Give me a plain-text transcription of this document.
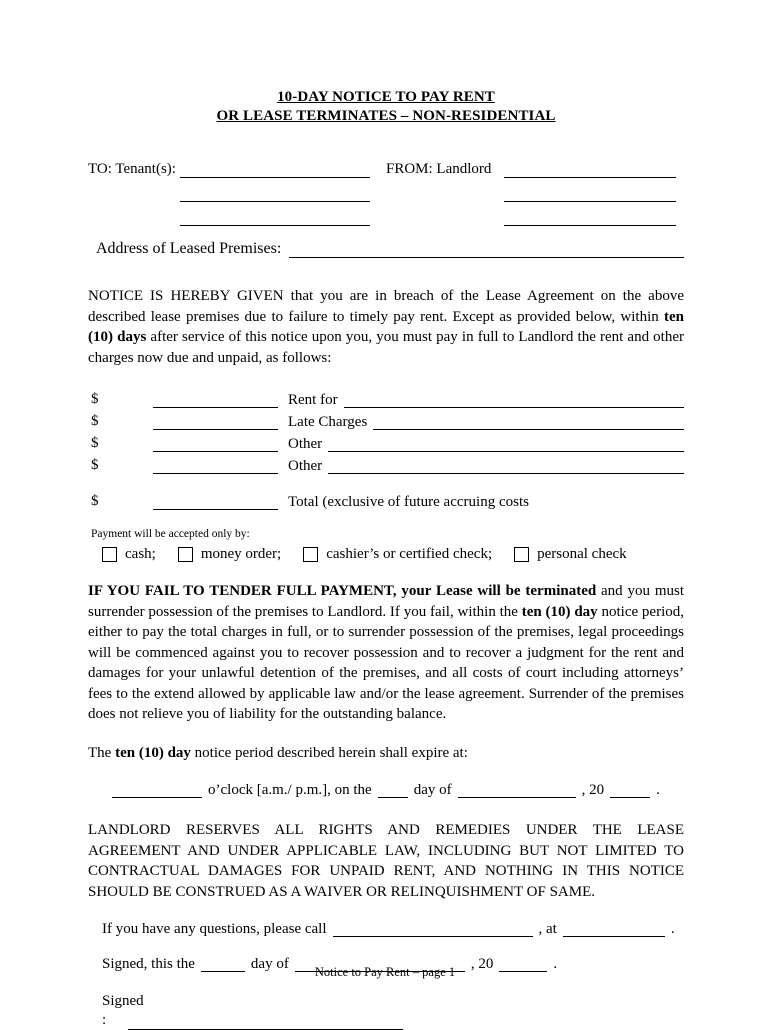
10-DAY NOTICE TO PAY RENT
OR LEASE TERMINATES – NON-RESIDENTIAL
TO: Tenant(s):	FROM: Landlord
Address of Leased Premises:

NOTICE IS HEREBY GIVEN that you are in breach of the Lease Agreement on the above described lease premises due to failure to timely pay rent. Except as provided below, within ten (10) days after service of this notice upon you, you must pay in full to Landlord the rent and other charges now due and unpaid, as follows:

$	Rent for
$	Late Charges
$	Other
$	Other
$	Total (exclusive of future accruing costs
Payment will be accepted only by:
cash;	money order;	cashier’s or certified check;	personal check

IF YOU FAIL TO TENDER FULL PAYMENT, your Lease will be terminated and you must surrender possession of the premises to Landlord. If you fail, within the ten (10) day notice period, either to pay the total charges in full, or to surrender possession of the premises, legal proceedings will be commenced against you to recover possession and to recover a judgment for the rent and damages for your unlawful detention of the premises, and all costs of court including attorneys’ fees to the extend allowed by applicable law and/or the lease agreement. Surrender of the premises does not relieve you of liability for the outstanding balance.

The ten (10) day notice period described herein shall expire at:

o’clock [a.m./ p.m.], on the	day of	, 20	.

LANDLORD RESERVES ALL RIGHTS AND REMEDIES UNDER THE LEASE AGREEMENT AND UNDER APPLICABLE LAW, INCLUDING BUT NOT LIMITED TO CONTRACTUAL DAMAGES FOR UNPAID RENT, AND NOTHING IN THIS NOTICE SHOULD BE CONSTRUED AS A WAIVER OR RELINQUISHMENT OF SAME.

If you have any questions, please call	, at	.
Signed, this the	day of	, 20	.
Signed
:
Notice to Pay Rent – page 1
